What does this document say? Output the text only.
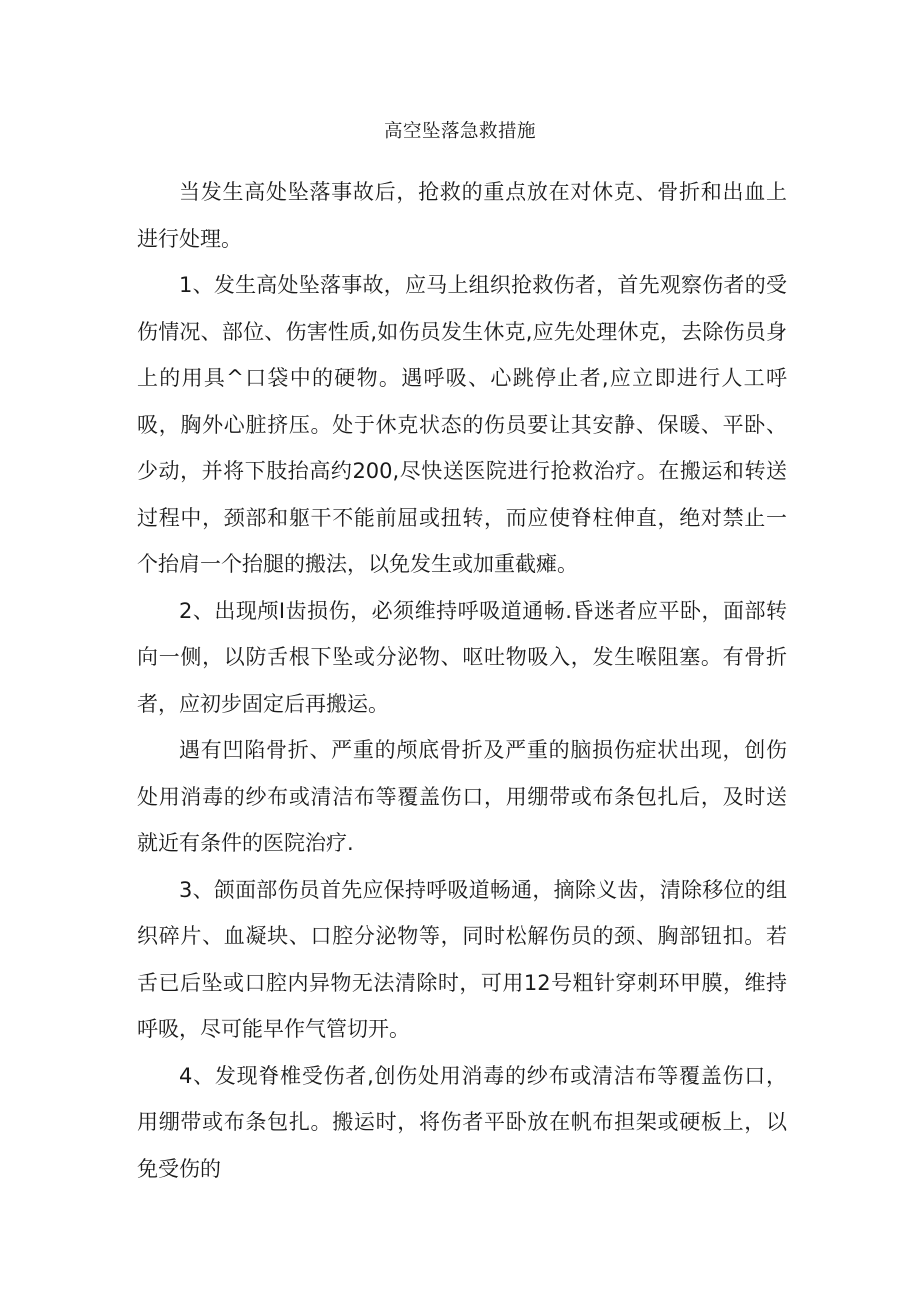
高空坠落急救措施

当发生高处坠落事故后，抢救的重点放在对休克、骨折和出血上进行处理。

1、发生高处坠落事故，应马上组织抢救伤者，首先观察伤者的受伤情况、部位、伤害性质,如伤员发生休克,应先处理休克，去除伤员身上的用具^口袋中的硬物。遇呼吸、心跳停止者,应立即进行人工呼吸，胸外心脏挤压。处于休克状态的伤员要让其安静、保暖、平卧、少动，并将下肢抬高约200,尽快送医院进行抢救治疗。在搬运和转送过程中，颈部和躯干不能前屈或扭转，而应使脊柱伸直，绝对禁止一个抬肩一个抬腿的搬法，以免发生或加重截瘫。

2、出现颅I齿损伤，必须维持呼吸道通畅.昏迷者应平卧，面部转向一侧，以防舌根下坠或分泌物、呕吐物吸入，发生喉阻塞。有骨折者，应初步固定后再搬运。

遇有凹陷骨折、严重的颅底骨折及严重的脑损伤症状出现，创伤处用消毒的纱布或清洁布等覆盖伤口，用绷带或布条包扎后，及时送就近有条件的医院治疗.

3、颌面部伤员首先应保持呼吸道畅通，摘除义齿，清除移位的组织碎片、血凝块、口腔分泌物等，同时松解伤员的颈、胸部钮扣。若舌已后坠或口腔内异物无法清除时，可用12号粗针穿刺环甲膜，维持呼吸，尽可能早作气管切开。

4、发现脊椎受伤者,创伤处用消毒的纱布或清洁布等覆盖伤口，用绷带或布条包扎。搬运时，将伤者平卧放在帆布担架或硬板上，以免受伤的
